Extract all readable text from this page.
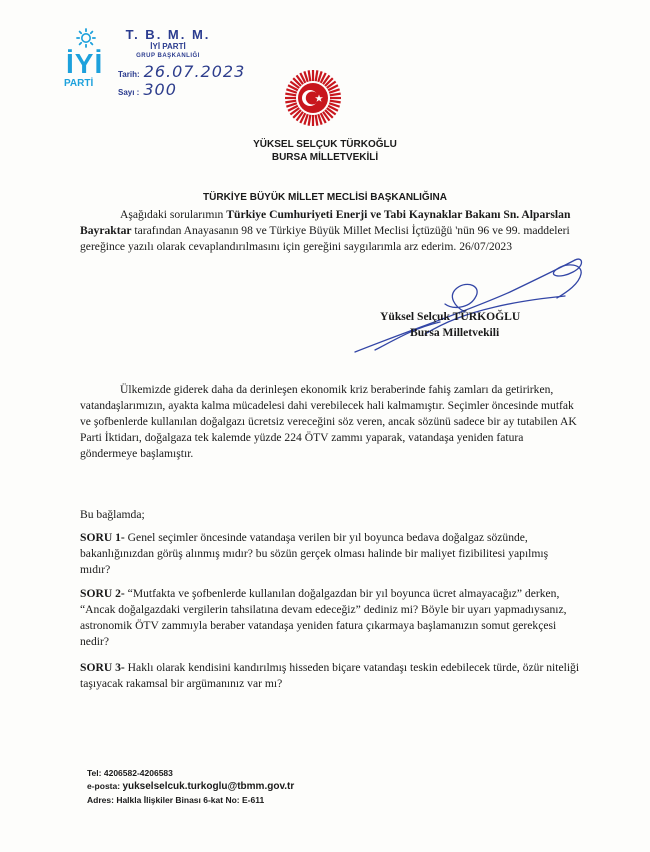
İYİ
PARTİ
T. B. M. M.
İYİ PARTİ
GRUP BAŞKANLIĞI
Tarih: 26.07.2023
Sayı : 300
YÜKSEL SELÇUK TÜRKOĞLU
BURSA MİLLETVEKİLİ
TÜRKİYE BÜYÜK MİLLET MECLİSİ BAŞKANLIĞINA
Aşağıdaki sorularımın Türkiye Cumhuriyeti Enerji ve Tabi Kaynaklar Bakanı Sn. Alparslan Bayraktar tarafından Anayasanın 98 ve Türkiye Büyük Millet Meclisi İçtüzüğü 'nün 96 ve 99. maddeleri gereğince yazılı olarak cevaplandırılmasını için gereğini saygılarımla arz ederim. 26/07/2023
Yüksel Selçuk TÜRKOĞLU
Bursa Milletvekili
Ülkemizde giderek daha da derinleşen ekonomik kriz beraberinde fahiş zamları da getirirken, vatandaşlarımızın, ayakta kalma mücadelesi dahi verebilecek hali kalmamıştır. Seçimler öncesinde mutfak ve şofbenlerde kullanılan doğalgazı ücretsiz vereceğini söz veren, ancak sözünü sadece bir ay tutabilen AK Parti İktidarı, doğalgaza tek kalemde yüzde 224 ÖTV zammı yaparak, vatandaşa yeniden fatura göndermeye başlamıştır.
Bu bağlamda;
SORU 1- Genel seçimler öncesinde vatandaşa verilen bir yıl boyunca bedava doğalgaz sözünde, bakanlığınızdan görüş alınmış mıdır? bu sözün gerçek olması halinde bir maliyet fizibilitesi yapılmış mıdır?
SORU 2- “Mutfakta ve şofbenlerde kullanılan doğalgazdan bir yıl boyunca ücret almayacağız” derken, “Ancak doğalgazdaki vergilerin tahsilatına devam edeceğiz” dediniz mi? Böyle bir uyarı yapmadıysanız, astronomik ÖTV zammıyla beraber vatandaşa yeniden fatura çıkarmaya başlamanızın somut gerekçesi nedir?
SORU 3- Haklı olarak kendisini kandırılmış hisseden biçare vatandaşı teskin edebilecek türde, özür niteliği taşıyacak rakamsal bir argümanınız var mı?
Tel: 4206582-4206583
e-posta: yukselselcuk.turkoglu@tbmm.gov.tr
Adres: Halkla İlişkiler Binası 6-kat No: E-611
